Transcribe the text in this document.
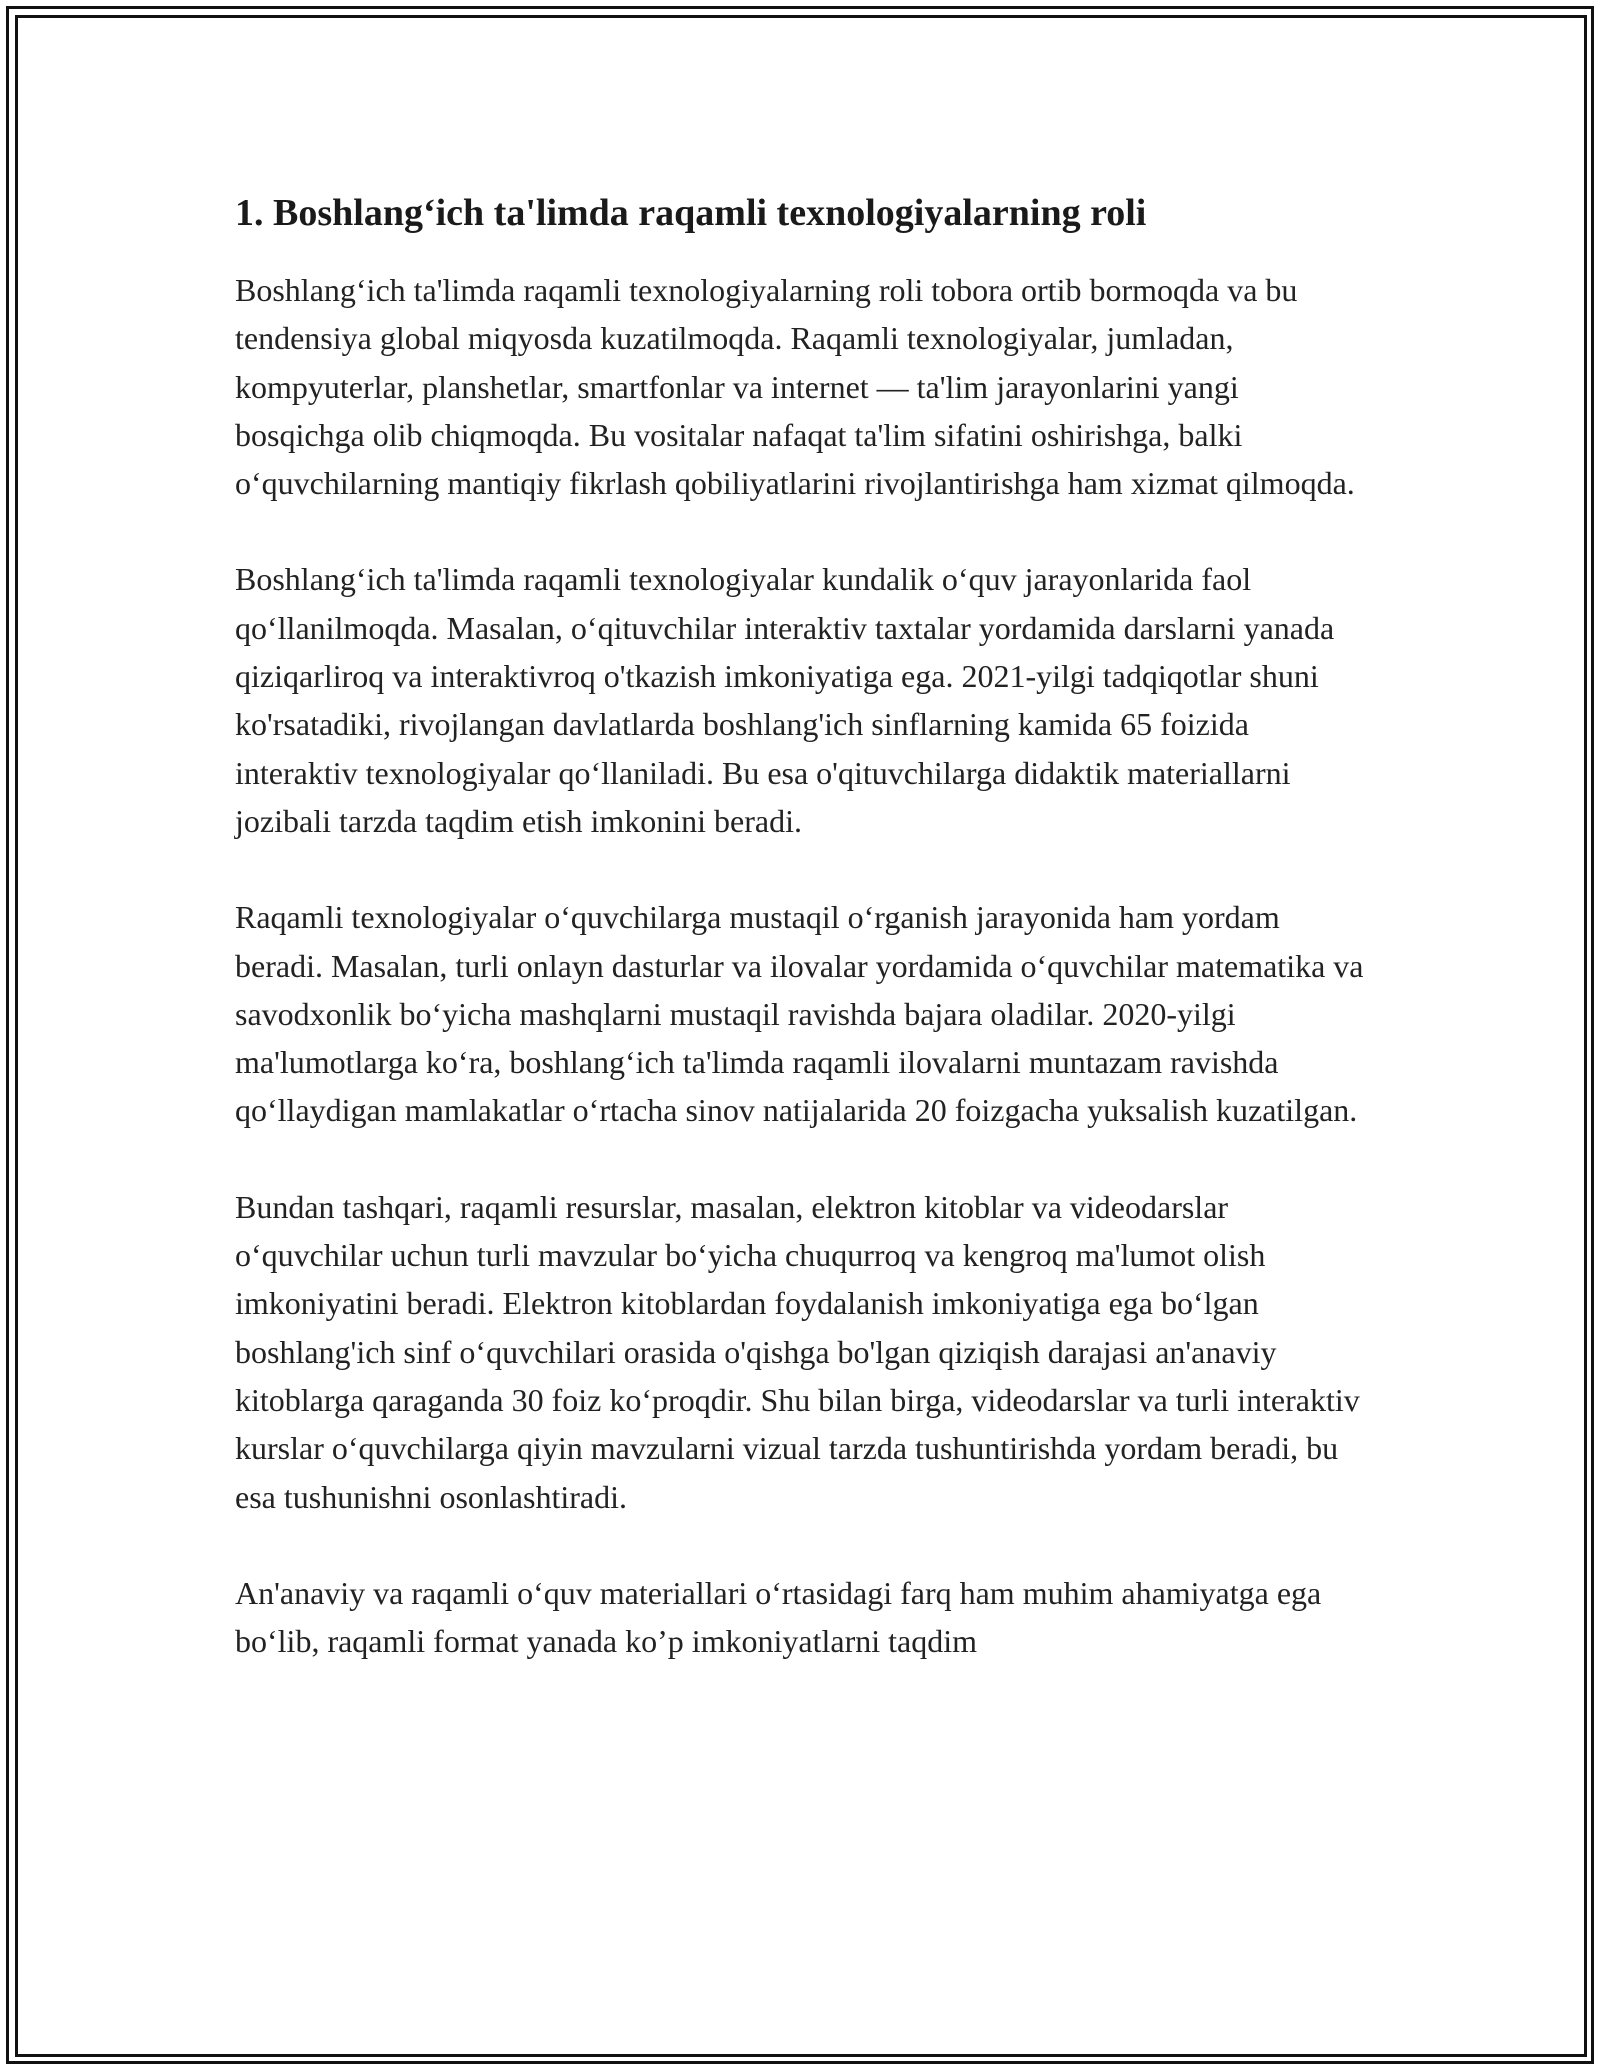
1. Boshlang‘ich ta'limda raqamli texnologiyalarning roli

Boshlang‘ich ta'limda raqamli texnologiyalarning roli tobora ortib bormoqda va bu tendensiya global miqyosda kuzatilmoqda. Raqamli texnologiyalar, jumladan, kompyuterlar, planshetlar, smartfonlar va internet — ta'lim jarayonlarini yangi bosqichga olib chiqmoqda. Bu vositalar nafaqat ta'lim sifatini oshirishga, balki o‘quvchilarning mantiqiy fikrlash qobiliyatlarini rivojlantirishga ham xizmat qilmoqda.

Boshlang‘ich ta'limda raqamli texnologiyalar kundalik o‘quv jarayonlarida faol qo‘llanilmoqda. Masalan, o‘qituvchilar interaktiv taxtalar yordamida darslarni yanada qiziqarliroq va interaktivroq o'tkazish imkoniyatiga ega. 2021-yilgi tadqiqotlar shuni ko'rsatadiki, rivojlangan davlatlarda boshlang'ich sinflarning kamida 65 foizida interaktiv texnologiyalar qo‘llaniladi. Bu esa o'qituvchilarga didaktik materiallarni jozibali tarzda taqdim etish imkonini beradi.

Raqamli texnologiyalar o‘quvchilarga mustaqil o‘rganish jarayonida ham yordam beradi. Masalan, turli onlayn dasturlar va ilovalar yordamida o‘quvchilar matematika va savodxonlik bo‘yicha mashqlarni mustaqil ravishda bajara oladilar. 2020-yilgi ma'lumotlarga ko‘ra, boshlang‘ich ta'limda raqamli ilovalarni muntazam ravishda qo‘llaydigan mamlakatlar o‘rtacha sinov natijalarida 20 foizgacha yuksalish kuzatilgan.

Bundan tashqari, raqamli resurslar, masalan, elektron kitoblar va videodarslar o‘quvchilar uchun turli mavzular bo‘yicha chuqurroq va kengroq ma'lumot olish imkoniyatini beradi. Elektron kitoblardan foydalanish imkoniyatiga ega bo‘lgan boshlang'ich sinf o‘quvchilari orasida o'qishga bo'lgan qiziqish darajasi an'anaviy kitoblarga qaraganda 30 foiz ko‘proqdir. Shu bilan birga, videodarslar va turli interaktiv kurslar o‘quvchilarga qiyin mavzularni vizual tarzda tushuntirishda yordam beradi, bu esa tushunishni osonlashtiradi.

An'anaviy va raqamli o‘quv materiallari o‘rtasidagi farq ham muhim ahamiyatga ega bo‘lib, raqamli format yanada ko’p imkoniyatlarni taqdim
